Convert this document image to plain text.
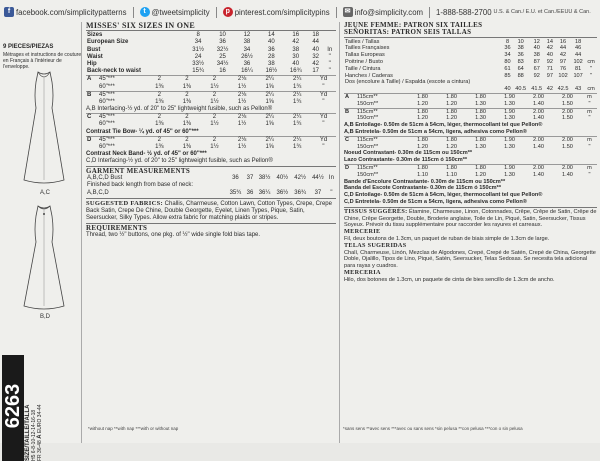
f facebook.com/simplicitypatterns	t @tweetsimplicity	p pinterest.com/simplicitypins ✉ info@simplicity.com 1-888-588-2700 U.S. & Can./ E.U. et Can./EEUU & Can.
9 PIECES/PIEZAS
Métrages et instructions de couture en Français à l'intérieur de l'enveloppe.
A,C
B,D
6263 SIZE/TAILLE/TALLA
H5 6-8-10-12-14-16-18
FR 36-48 A EURO 34-44
MISSES' SIX SIZES IN ONE
Sizes	8	10	12	14	16	18	
European Size	34	36	38	40	42	44	
Bust	31½	32½	34	36	38	40	In
Waist	24	25	26½	28	30	32	"
Hip	33½	34½	36	38	40	42	"
Back-neck to waist	15¾	16	16¼	16½	16¾	17	"
A	45"***	2	2	2	2⅛	2¼	2¼	Yd
	60"***	1⅜	1⅜	1½	1½	1⅝	1¾	"
B	45"***	2	2	2	2⅛	2¼	2¼	Yd
	60"***	1⅜	1⅜	1½	1½	1⅝	1¾	"
A,B Interfacing-½ yd. of 20" to 25" lightweight fusible, such as Pellon®
C	45"***	2	2	2	2⅛	2¼	2¼	Yd
	60"***	1⅜	1⅜	1½	1½	1⅝	1¾	"
Contrast Tie Bow- ¼ yd. of 45" or 60"***
D	45"***	2	2	2	2⅛	2¼	2¼	Yd
	60"***	1⅜	1⅜	1½	1½	1⅝	1¾	"
Contrast Neck Band- ½ yd. of 45" or 60"***
C,D Interfacing-½ yd. of 20" to 25" lightweight fusible, such as Pellon®
GARMENT MEASUREMENTS
A,B,C,D Bust	36	37	38½	40½	42½	44½	In
Finished back length from base of neck:							
A,B,C,D	35¾	36	36¼	36½	36¾	37	"
SUGGESTED FABRICS: Challis, Charmeuse, Cotton Lawn, Cotton Types, Crepe, Crepe Back Satin, Crepe De Chine, Double Georgette, Eyelet, Linen Types, Pique, Satin, Seersucker, Silky Types. Allow extra fabric for matching plaids or stripes.
REQUIREMENTS
Thread, two ½" buttons, one pkg. of ½" wide single fold bias tape.
*without nap **with nap ***with or without nap
JEUNE FEMME: PATRON SIX TAILLES
SEÑORITAS: PATRON SEIS TALLAS
Tailles / Tallas	8	10	12	14	16	18	
Tailles Françaises	36	38	40	42	44	46	
Tallas Europeas	34	36	38	40	42	44	
Poitrine / Busto	80	83	87	92	97	102	cm
Taille / Cintura	61	64	67	71	76	81	"
Hanches / Caderas	85	88	92	97	102	107	"
Dos (encolure à Taille) / Espalda (escote a cintura)							
	40	40.5	41.5	42	42.5	43	cm
A	115cm**	1.80	1.80	1.80	1.90	2.00	2.00	m
	150cm**	1.20	1.20	1.30	1.30	1.40	1.50	"
B	115cm**	1.80	1.80	1.80	1.90	2.00	2.00	m
	150cm**	1.20	1.20	1.30	1.30	1.40	1.50	"
A,B Entoilage- 0.50m de 51cm à 54cm, léger, thermocollant tel que Pellon®
A,B Entretela- 0.50m de 51cm a 54cm, ligera, adhesiva como Pellon®
C	115cm**	1.80	1.80	1.80	1.90	2.00	2.00	m
	150cm**	1.20	1.20	1.30	1.30	1.40	1.50	"
Noeud Contrastant- 0.30m de 115cm ou 150cm**
Lazo Contrastante- 0.30m de 115cm ó 150cm**
D	115cm**	1.80	1.80	1.80	1.90	2.00	2.00	m
	150cm**	1.10	1.10	1.20	1.30	1.40	1.40	"
Bande d'Encolure Contrastante- 0.30m de 115cm ou 150cm**
Banda del Escote Contrastante- 0.30m de 115cm ó 150cm**
C,D Entoilage- 0.50m de 51cm à 54cm, léger, thermocollant tel que Pellon®
C,D Entretela- 0.50m de 51cm a 54cm, ligera, adhesiva como Pellon®
TISSUS SUGGÉRÉS: Étamine, Charmeuse, Linon, Cotonnades, Crêpe, Crêpe de Satin, Crêpe de Chine, Crêpe Georgette, Double, Broderie anglaise, Toile de Lin, Piqué, Satin, Seersucker, Tissus Soyeux. Prévoir du tissu supplémentaire pour raccorder les rayures et carreaux.
MERCERIE
Fil, deux boutons de 1.3cm, un paquet de ruban de biais simple de 1.3cm de large.
TELAS SUGERIDAS
Chalí, Charmeuse, Linón, Mezclas de Algodones, Crepé, Crepé de Satén, Crepé de China, Georgette Doble, Ojalillo, Tipos de Lino, Piqué, Satén, Seersucker, Telas Sedosas. Se necesita tela adicional para rayas y cuadros.
MERCERIA
Hilo, dos botones de 1.3cm, un paquete de cinta de bies sencillo de 1.3cm de ancho.
*sans sens **avec sens ***avec ou sans sens *sin pelusa **con pelusa ***con o sin pelusa
